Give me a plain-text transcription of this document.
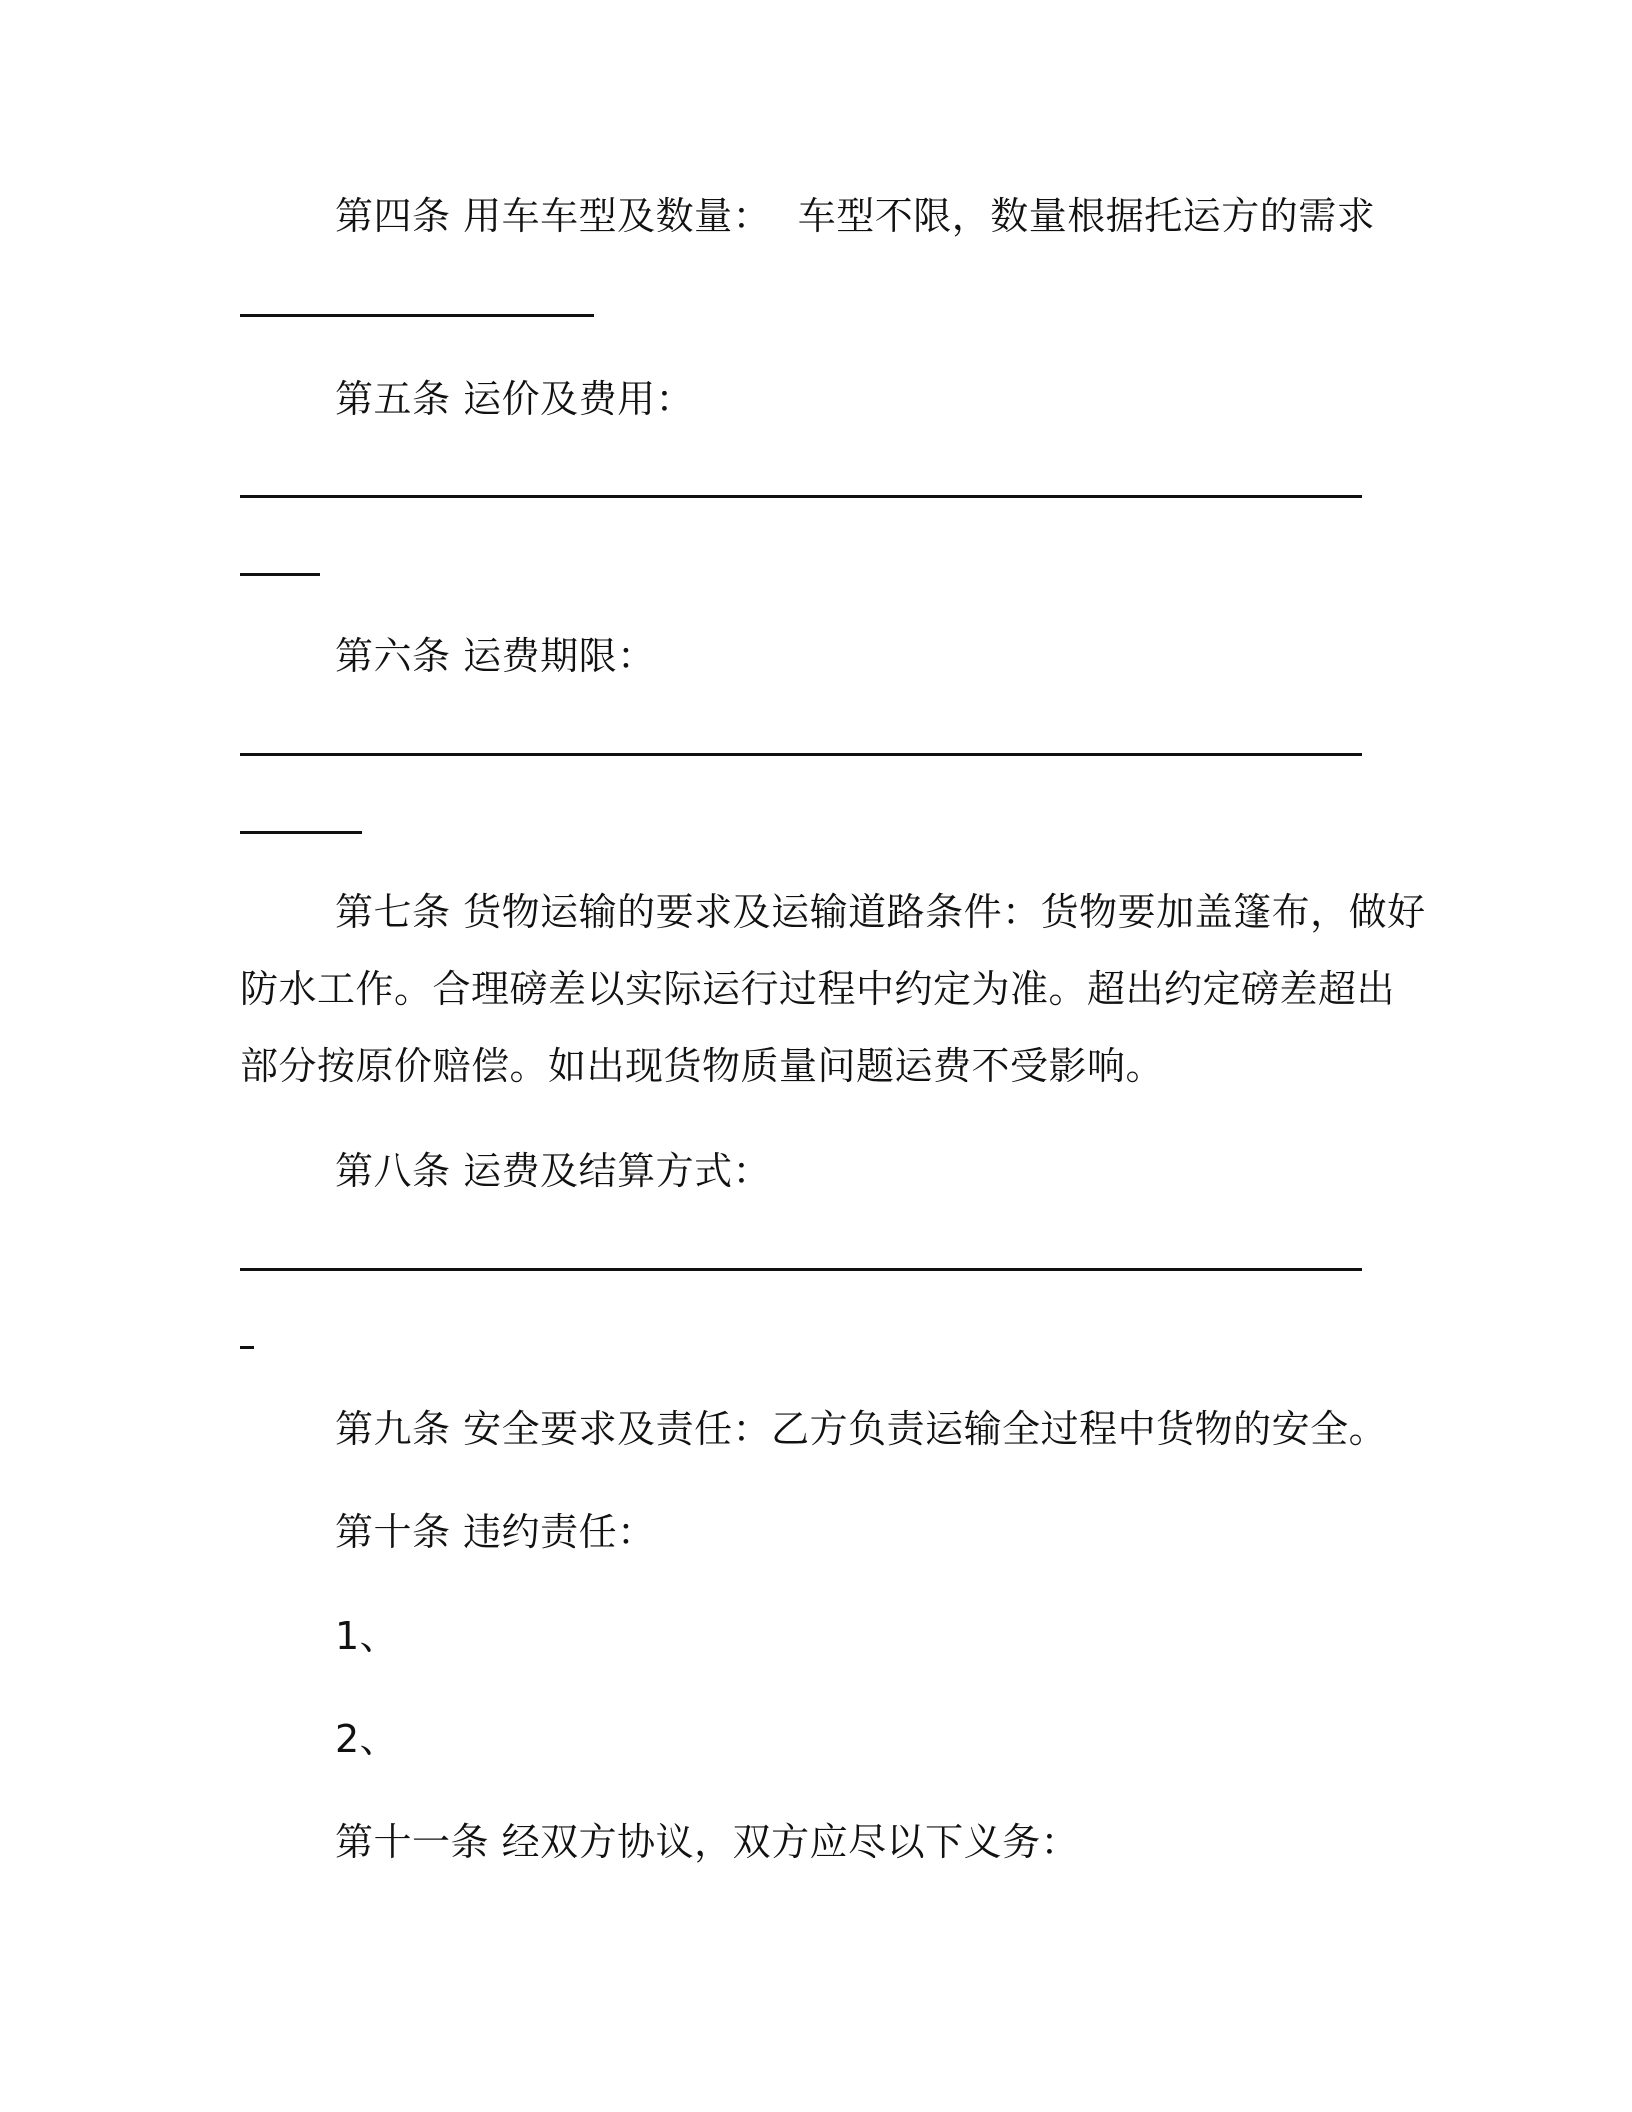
第四条 用车车型及数量： 车型不限，数量根据托运方的需求
第五条 运价及费用：
第六条 运费期限：
第七条 货物运输的要求及运输道路条件：货物要加盖篷布，做好
防水工作。合理磅差以实际运行过程中约定为准。超出约定磅差超出
部分按原价赔偿。如出现货物质量问题运费不受影响。
第八条 运费及结算方式：
第九条 安全要求及责任：乙方负责运输全过程中货物的安全。
第十条 违约责任：
1、
2、
第十一条 经双方协议，双方应尽以下义务：
